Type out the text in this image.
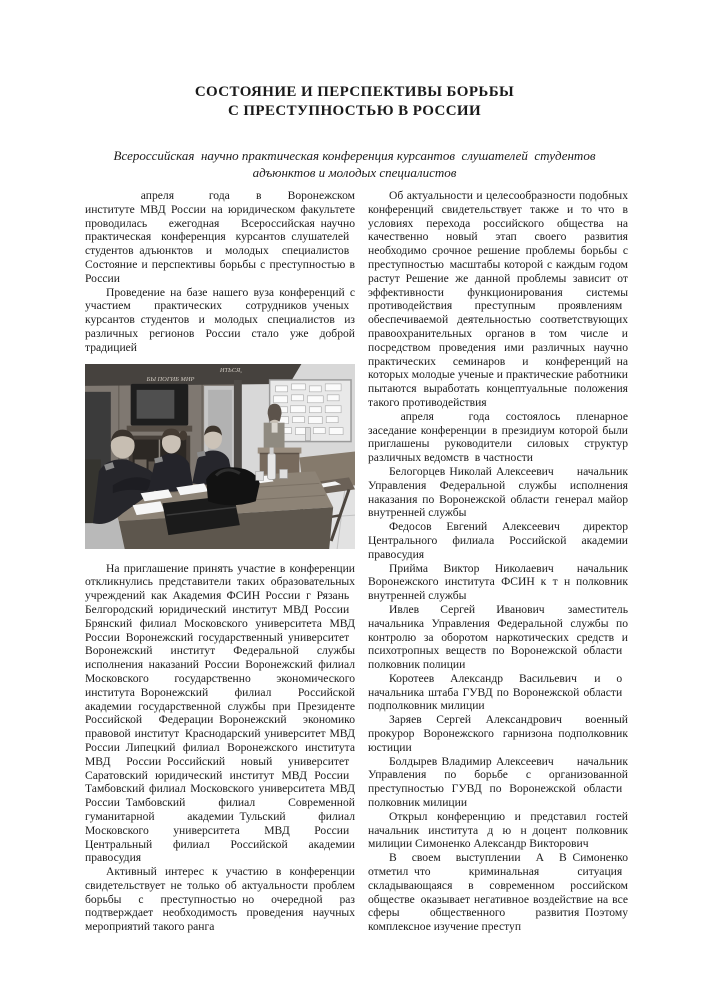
СОСТОЯНИЕ И ПЕРСПЕКТИВЫ БОРЬБЫ
С ПРЕСТУПНОСТЬЮ В РОССИИ
Всероссийская научно практическая конференция курсантов слушателей студентов
адъюнктов и молодых специалистов

   апреля   года в Воронежском институте МВД России на юридическом факультете проводилась ежегодная Всероссийская научно практическая конференция курсантов слушателей студентов адъюнктов и молодых специалистов Состояние и перспективы борьбы с преступностью в России

Проведение на базе нашего вуза конференций с участием практических сотрудников ученых курсантов студентов и молодых специалистов из различных регионов России стало уже доброй традицией

ИТЬСЯ,
БЫ ПОГИБ МИР

На приглашение принять участие в конференции откликнулись представители таких образовательных учреждений как Академия ФСИН России г Рязань Белгородский юридический институт МВД России Брянский филиал Московского университета МВД России Воронежский государственный университет Воронежский институт Федеральной службы исполнения наказаний России Воронежский филиал Московского государственно экономического института Воронежский филиал Российской академии государственной службы при Президенте Российской Федерации Воронежский экономико правовой институт Краснодарский университет МВД России Липецкий филиал Воронежского института МВД России Российский новый университет Саратовский юридический институт МВД России Тамбовский филиал Московского университета МВД России Тамбовский филиал Современной гуманитарной академии Тульский филиал Московского университета МВД России Центральный филиал Российской академии правосудия

Активный интерес к участию в конференции свидетельствует не только об актуальности проблем борьбы с преступностью но очередной раз подтверждает необходимость проведения научных мероприятий такого ранга

Об актуальности и целесообразности подобных конференций свидетельствует также и то что в условиях перехода российского общества на качественно новый этап своего развития необходимо срочное решение проблемы борьбы с преступностью масштабы которой с каждым годом растут Решение же данной проблемы зависит от эффективности функционирования системы противодействия преступным проявлениям обеспечиваемой деятельностью соответствующих правоохранительных органов в том числе и посредством проведения ими различных научно практических семинаров и конференций на которых молодые ученые и практические работники пытаются выработать концептуальные положения такого противодействия

 апреля   года состоялось пленарное заседание конференции в президиум которой были приглашены руководители силовых структур различных ведомств в частности

Белогорцев Николай Алексеевич  начальник Управления Федеральной службы исполнения наказания по Воронежской области генерал майор внутренней службы

Федосов Евгений Алексеевич  директор Центрального филиала Российской академии правосудия

Прийма Виктор Николаевич  начальник Воронежского института ФСИН к т н полковник внутренней службы

Ивлев Сергей Иванович  заместитель начальника Управления Федеральной службы по контролю за оборотом наркотических средств и психотропных веществ по Воронежской области полковник полиции

Коротеев Александр Васильевич  и о начальника штаба ГУВД по Воронежской области подполковник милиции

Заряев Сергей Александрович  военный прокурор Воронежского гарнизона подполковник юстиции

Болдырев Владимир Алексеевич  начальник Управления по борьбе с организованной преступностью ГУВД по Воронежской области полковник милиции

Открыл конференцию и представил гостей начальник института д ю н доцент полковник милиции Симоненко Александр Викторович

В своем выступлении А В Симоненко отметил что криминальная ситуация складывающаяся в современном российском обществе оказывает негативное воздействие на все сферы общественного развития Поэтому комплексное изучение преступ
